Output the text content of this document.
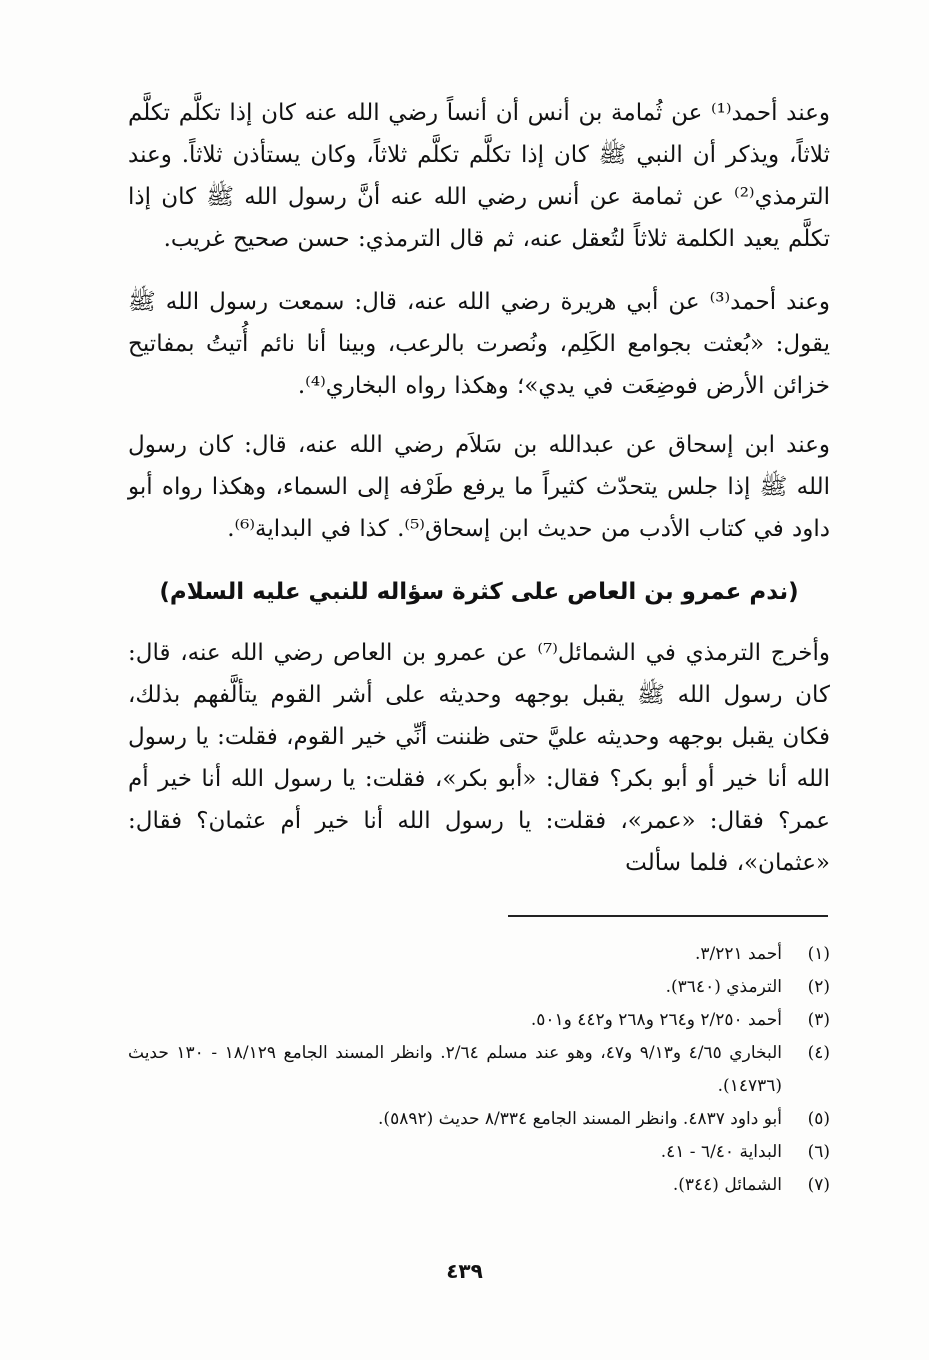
وعند أحمد⁽¹⁾ عن ثُمامة بن أنس أن أنساً رضي الله عنه كان إذا تكلَّم تكلَّم ثلاثاً، ويذكر أن النبي ﷺ كان إذا تكلَّم تكلَّم ثلاثاً، وكان يستأذن ثلاثاً. وعند الترمذي⁽²⁾ عن ثمامة عن أنس رضي الله عنه أنَّ رسول الله ﷺ كان إذا تكلَّم يعيد الكلمة ثلاثاً لتُعقل عنه، ثم قال الترمذي: حسن صحيح غريب.

وعند أحمد⁽³⁾ عن أبي هريرة رضي الله عنه، قال: سمعت رسول الله ﷺ يقول: «بُعثت بجوامع الكَلِم، ونُصرت بالرعب، وبينا أنا نائم أُتيتُ بمفاتيح خزائن الأرض فوضِعَت في يدي»؛ وهكذا رواه البخاري⁽⁴⁾.

وعند ابن إسحاق عن عبدالله بن سَلاَم رضي الله عنه، قال: كان رسول الله ﷺ إذا جلس يتحدّث كثيراً ما يرفع طَرْفه إلى السماء، وهكذا رواه أبو داود في كتاب الأدب من حديث ابن إسحاق⁽⁵⁾. كذا في البداية⁽⁶⁾.

(ندم عمرو بن العاص على كثرة سؤاله للنبي عليه السلام)

وأخرج الترمذي في الشمائل⁽⁷⁾ عن عمرو بن العاص رضي الله عنه، قال: كان رسول الله ﷺ يقبل بوجهه وحديثه على أشر القوم يتألَّفهم بذلك، فكان يقبل بوجهه وحديثه عليَّ حتى ظننت أنِّي خير القوم، فقلت: يا رسول الله أنا خير أو أبو بكر؟ فقال: «أبو بكر»، فقلت: يا رسول الله أنا خير أم عمر؟ فقال: «عمر»، فقلت: يا رسول الله أنا خير أم عثمان؟ فقال: «عثمان»، فلما سألت

(١)
أحمد ٣/٢٢١.
(٢)
الترمذي (٣٦٤٠).
(٣)
أحمد ٢/٢٥٠ و٢٦٤ و٢٦٨ و٤٤٢ و٥٠١.
(٤)
البخاري ٤/٦٥ و٩/١٣ و٤٧، وهو عند مسلم ٢/٦٤. وانظر المسند الجامع ١٨/١٢٩ - ١٣٠ حديث (١٤٧٣٦).
(٥)
أبو داود ٤٨٣٧. وانظر المسند الجامع ٨/٣٣٤ حديث (٥٨٩٢).
(٦)
البداية ٦/٤٠ - ٤١.
(٧)
الشمائل (٣٤٤).
٤٣٩
